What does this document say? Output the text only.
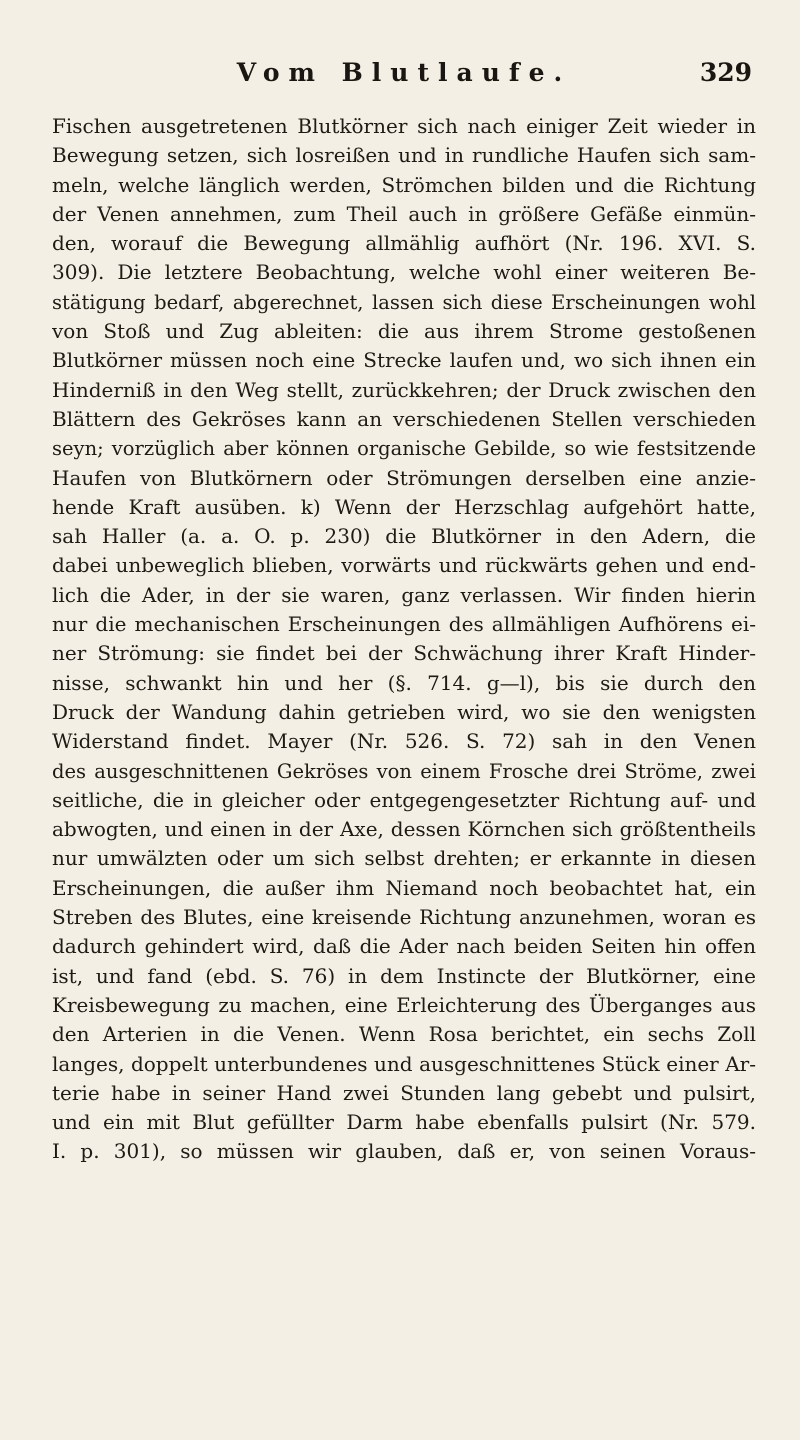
Vom Blutlaufe.	329
Fischen ausgetretenen Blutkörner sich nach einiger Zeit wieder in
Bewegung setzen, sich losreißen und in rundliche Haufen sich sam-
meln, welche länglich werden, Strömchen bilden und die Richtung
der Venen annehmen, zum Theil auch in größere Gefäße einmün-
den, worauf die Bewegung allmählig aufhört (Nr. 196. XVI. S.
309). Die letztere Beobachtung, welche wohl einer weiteren Be-
stätigung bedarf, abgerechnet, lassen sich diese Erscheinungen wohl
von Stoß und Zug ableiten: die aus ihrem Strome gestoßenen
Blutkörner müssen noch eine Strecke laufen und, wo sich ihnen ein
Hinderniß in den Weg stellt, zurückkehren; der Druck zwischen den
Blättern des Gekröses kann an verschiedenen Stellen verschieden
seyn; vorzüglich aber können organische Gebilde, so wie festsitzende
Haufen von Blutkörnern oder Strömungen derselben eine anzie-
hende Kraft ausüben. k) Wenn der Herzschlag aufgehört hatte,
sah Haller (a. a. O. p. 230) die Blutkörner in den Adern, die
dabei unbeweglich blieben, vorwärts und rückwärts gehen und end-
lich die Ader, in der sie waren, ganz verlassen. Wir finden hierin
nur die mechanischen Erscheinungen des allmähligen Aufhörens ei-
ner Strömung: sie findet bei der Schwächung ihrer Kraft Hinder-
nisse, schwankt hin und her (§. 714. g—l), bis sie durch den
Druck der Wandung dahin getrieben wird, wo sie den wenigsten
Widerstand findet. Mayer (Nr. 526. S. 72) sah in den Venen
des ausgeschnittenen Gekröses von einem Frosche drei Ströme, zwei
seitliche, die in gleicher oder entgegengesetzter Richtung auf- und
abwogten, und einen in der Axe, dessen Körnchen sich größtentheils
nur umwälzten oder um sich selbst drehten; er erkannte in diesen
Erscheinungen, die außer ihm Niemand noch beobachtet hat, ein
Streben des Blutes, eine kreisende Richtung anzunehmen, woran es
dadurch gehindert wird, daß die Ader nach beiden Seiten hin offen
ist, und fand (ebd. S. 76) in dem Instincte der Blutkörner, eine
Kreisbewegung zu machen, eine Erleichterung des Überganges aus
den Arterien in die Venen. Wenn Rosa berichtet, ein sechs Zoll
langes, doppelt unterbundenes und ausgeschnittenes Stück einer Ar-
terie habe in seiner Hand zwei Stunden lang gebebt und pulsirt,
und ein mit Blut gefüllter Darm habe ebenfalls pulsirt (Nr. 579.
I. p. 301), so müssen wir glauben, daß er, von seinen Voraus-
